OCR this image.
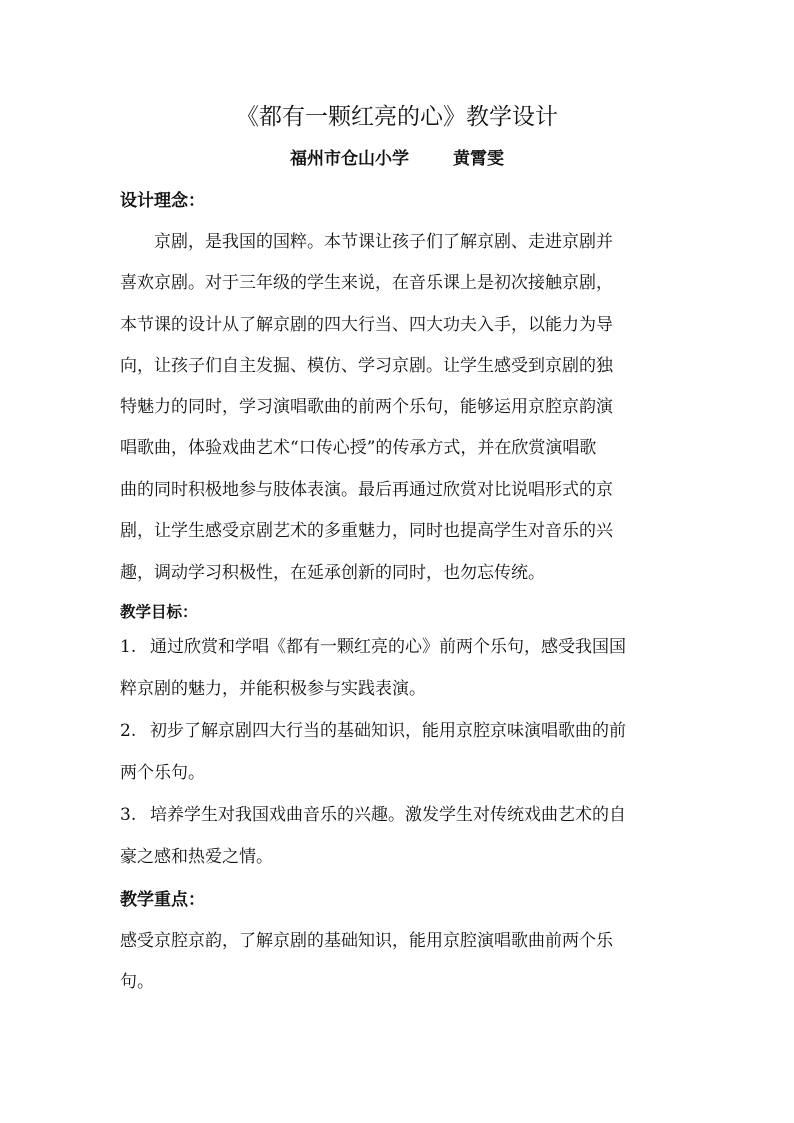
《都有一颗红亮的心》教学设计
福州市仓山小学	黄霄雯
设计理念：
京剧，是我国的国粹。本节课让孩子们了解京剧、走进京剧并
喜欢京剧。对于三年级的学生来说，在音乐课上是初次接触京剧，
本节课的设计从了解京剧的四大行当、四大功夫入手，以能力为导
向，让孩子们自主发掘、模仿、学习京剧。让学生感受到京剧的独
特魅力的同时，学习演唱歌曲的前两个乐句，能够运用京腔京韵演
唱歌曲，体验戏曲艺术“口传心授”的传承方式，并在欣赏演唱歌
曲的同时积极地参与肢体表演。最后再通过欣赏对比说唱形式的京
剧，让学生感受京剧艺术的多重魅力，同时也提高学生对音乐的兴
趣，调动学习积极性，在延承创新的同时，也勿忘传统。
教学目标：
1. 通过欣赏和学唱《都有一颗红亮的心》前两个乐句，感受我国国
粹京剧的魅力，并能积极参与实践表演。
2. 初步了解京剧四大行当的基础知识，能用京腔京味演唱歌曲的前
两个乐句。
3. 培养学生对我国戏曲音乐的兴趣。激发学生对传统戏曲艺术的自
豪之感和热爱之情。
教学重点：
感受京腔京韵，了解京剧的基础知识，能用京腔演唱歌曲前两个乐
句。
